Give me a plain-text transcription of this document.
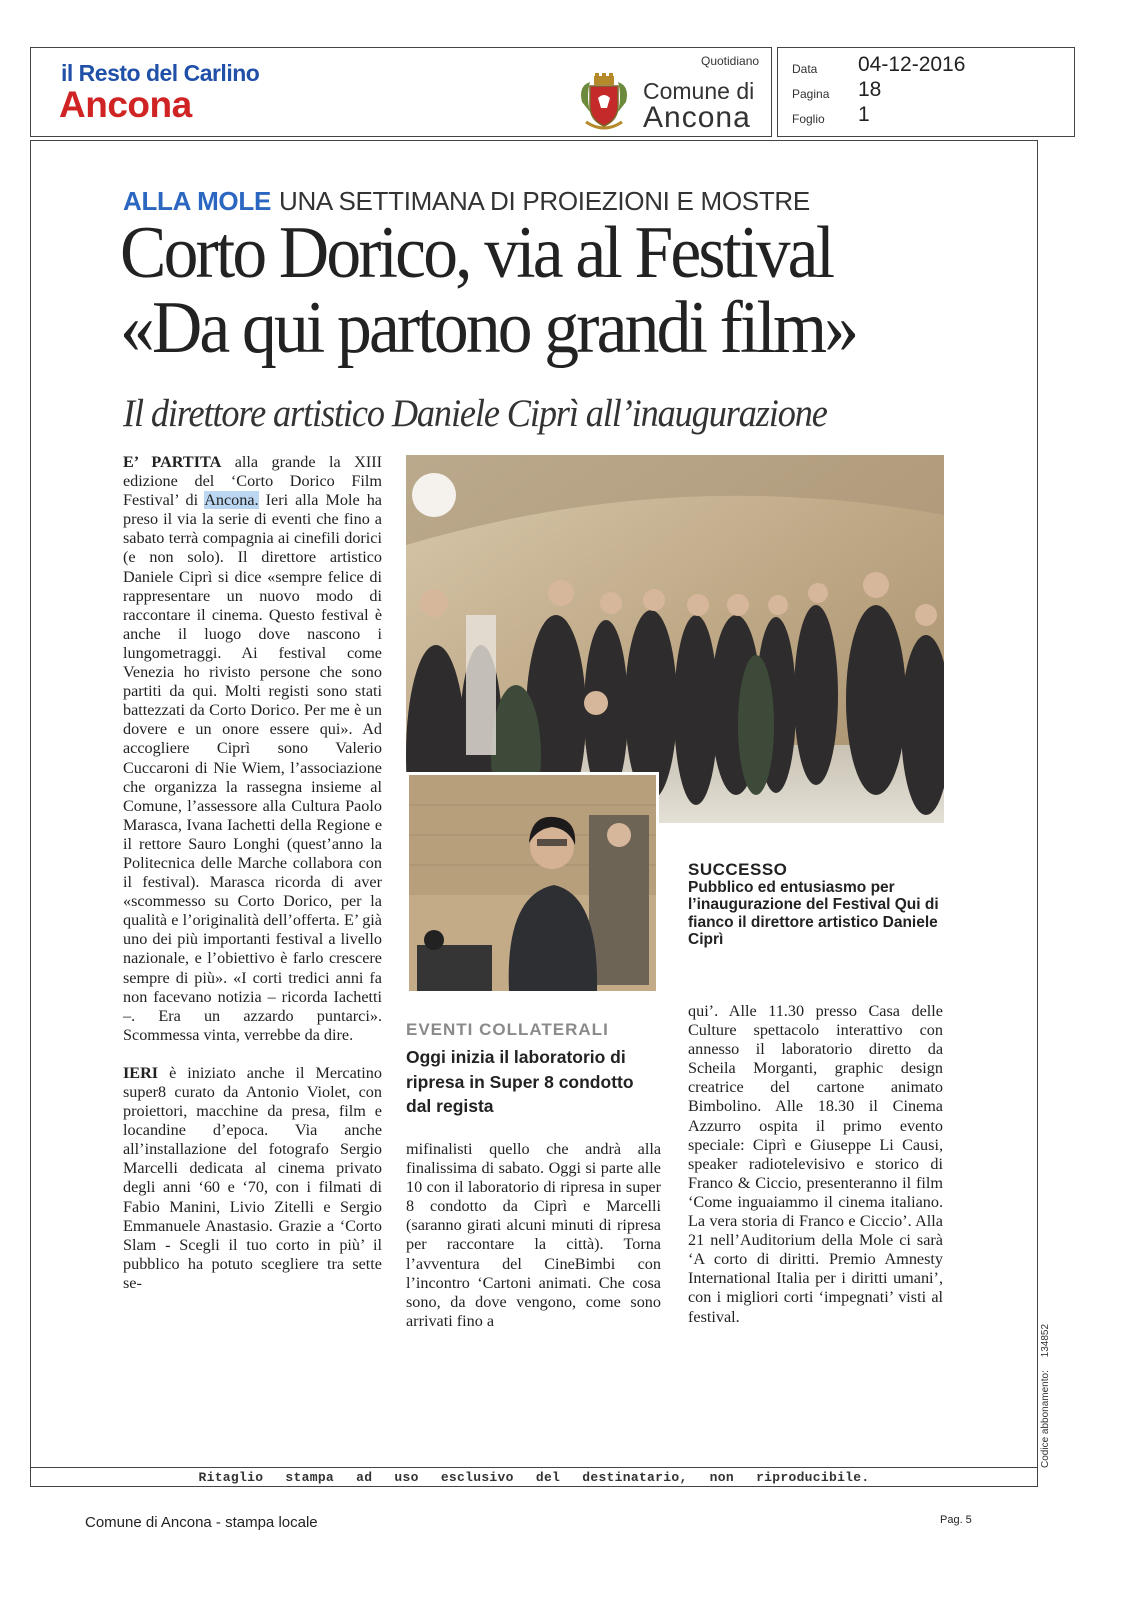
il Resto del Carlino
Ancona
Quotidiano
Comune di
Ancona
Data 04-12-2016
Pagina 18
Foglio 1
ALLA MOLE UNA SETTIMANA DI PROIEZIONI E MOSTRE
Corto Dorico, via al Festival
«Da qui partono grandi film»
Il direttore artistico Daniele Ciprì all’inaugurazione

E’ PARTITA alla grande la XIII edizione del ‘Corto Dorico Film Festival’ di Ancona. Ieri alla Mole ha preso il via la serie di eventi che fino a sabato terrà compagnia ai cinefili dorici (e non solo). Il direttore artistico Daniele Ciprì si dice «sempre felice di rappresentare un nuovo modo di raccontare il cinema. Questo festival è anche il luogo dove nascono i lungometraggi. Ai festival come Venezia ho rivisto persone che sono partiti da qui. Molti registi sono stati battezzati da Corto Dorico. Per me è un dovere e un onore essere qui». Ad accogliere Ciprì sono Valerio Cuccaroni di Nie Wiem, l’associazione che organizza la rassegna insieme al Comune, l’assessore alla Cultura Paolo Marasca, Ivana Iachetti della Regione e il rettore Sauro Longhi (quest’anno la Politecnica delle Marche collabora con il festival). Marasca ricorda di aver «scommesso su Corto Dorico, per la qualità e l’originalità dell’offerta. E’ già uno dei più importanti festival a livello nazionale, e l’obiettivo è farlo crescere sempre di più». «I corti tredici anni fa non facevano notizia – ricorda Iachetti –. Era un azzardo puntarci». Scommessa vinta, verrebbe da dire.

IERI è iniziato anche il Mercatino super8 curato da Antonio Violet, con proiettori, macchine da presa, film e locandine d’epoca. Via anche all’installazione del fotografo Sergio Marcelli dedicata al cinema privato degli anni ‘60 e ‘70, con i filmati di Fabio Manini, Livio Zitelli e Sergio Emmanuele Anastasio. Grazie a ‘Corto Slam - Scegli il tuo corto in più’ il pubblico ha potuto scegliere tra sette se-

SUCCESSO
Pubblico ed entusiasmo per l’inaugurazione del Festival Qui di fianco il direttore artistico Daniele Ciprì
EVENTI COLLATERALI
Oggi inizia il laboratorio di ripresa in Super 8 condotto dal regista

mifinalisti quello che andrà alla finalissima di sabato. Oggi si parte alle 10 con il laboratorio di ripresa in super 8 condotto da Ciprì e Marcelli (saranno girati alcuni minuti di ripresa per raccontare la città). Torna l’avventura del CineBimbi con l’incontro ‘Cartoni animati. Che cosa sono, da dove vengono, come sono arrivati fino a

qui’. Alle 11.30 presso Casa delle Culture spettacolo interattivo con annesso il laboratorio diretto da Scheila Morganti, graphic design creatrice del cartone animato Bimbolino. Alle 18.30 il Cinema Azzurro ospita il primo evento speciale: Ciprì e Giuseppe Li Causi, speaker radiotelevisivo e storico di Franco & Ciccio, presenteranno il film ‘Come inguaiammo il cinema italiano. La vera storia di Franco e Ciccio’. Alla 21 nell’Auditorium della Mole ci sarà ‘A corto di diritti. Premio Amnesty International Italia per i diritti umani’, con i migliori corti ‘impegnati’ visti al festival.

Ritaglio stampa ad uso esclusivo del destinatario, non riproducibile.
Codice abbonamento: 134852
Comune di Ancona - stampa locale	Pag. 5
